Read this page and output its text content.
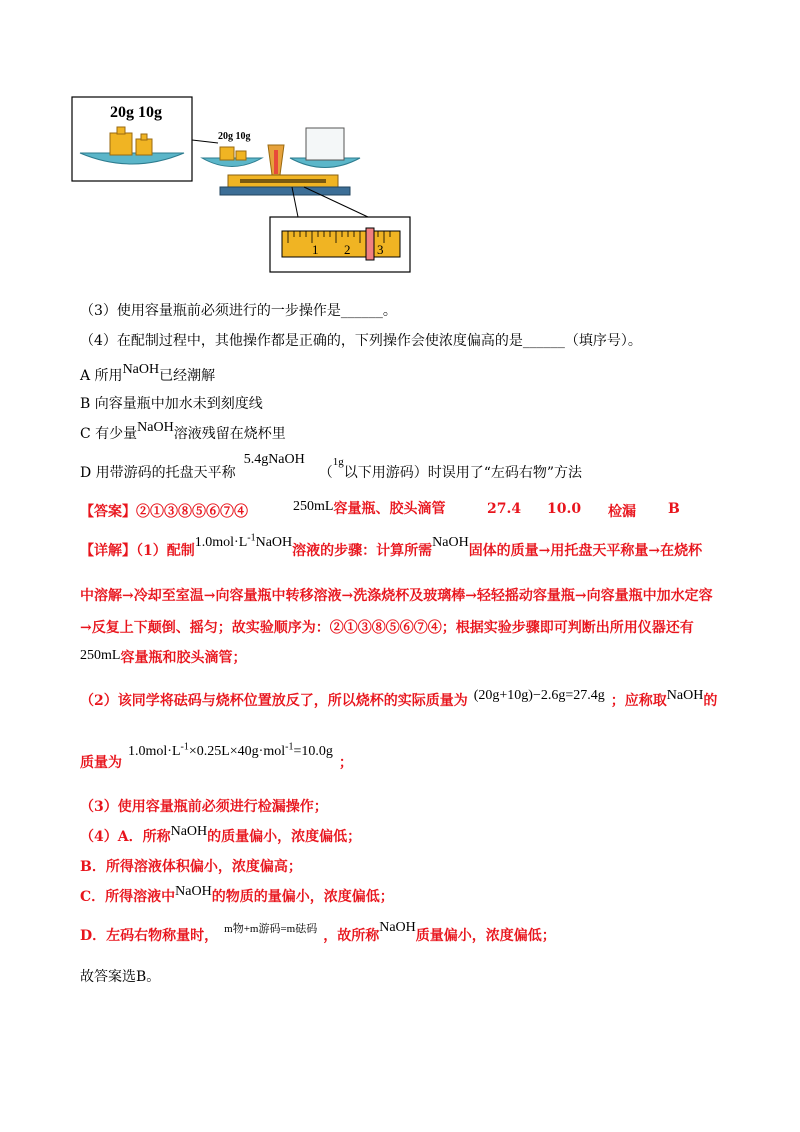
20g 10g
20g 10g
1 2 3
（3）使用容量瓶前必须进行的一步操作是______。
（4）在配制过程中，其他操作都是正确的，下列操作会使浓度偏高的是______（填序号）。
A 所用NaOH已经潮解
B 向容量瓶中加水未到刻度线
C 有少量NaOH溶液残留在烧杯里
D 用带游码的托盘天平称5.4gNaOH（$^{1g}$以下用游码）时误用了“左码右物”方法
【答案】②①③⑧⑤⑥⑦④	250mL容量瓶、胶头滴管	27.4 10.0 检漏 B
【详解】（1）配制$1.0mol\cdot L^{-1}NaOH$溶液的步骤：计算所需NaOH固体的质量→用托盘天平称量→在烧杯
中溶解→冷却至室温→向容量瓶中转移溶液→洗涤烧杯及玻璃棒→轻轻摇动容量瓶→向容量瓶中加水定容
→反复上下颠倒、摇匀；故实验顺序为：②①③⑧⑤⑥⑦④；根据实验步骤即可判断出所用仪器还有
250mL容量瓶和胶头滴管；
（2）该同学将砝码与烧杯位置放反了，所以烧杯的实际质量为 (20g+10g)−2.6g=27.4g ；应称取NaOH的
质量为$1.0mol\cdot L^{-1}\times 0.25L\times 40g\cdot mol^{-1}=10.0g$；
（3）使用容量瓶前必须进行检漏操作；
（4）A．所称NaOH的质量偏小，浓度偏低；
B．所得溶液体积偏小，浓度偏高；
C．所得溶液中NaOH的物质的量偏小，浓度偏低；
D．左码右物称量时， $^{m物+m游码=m砝码}$ ，故所称NaOH质量偏小，浓度偏低；
故答案选B。
